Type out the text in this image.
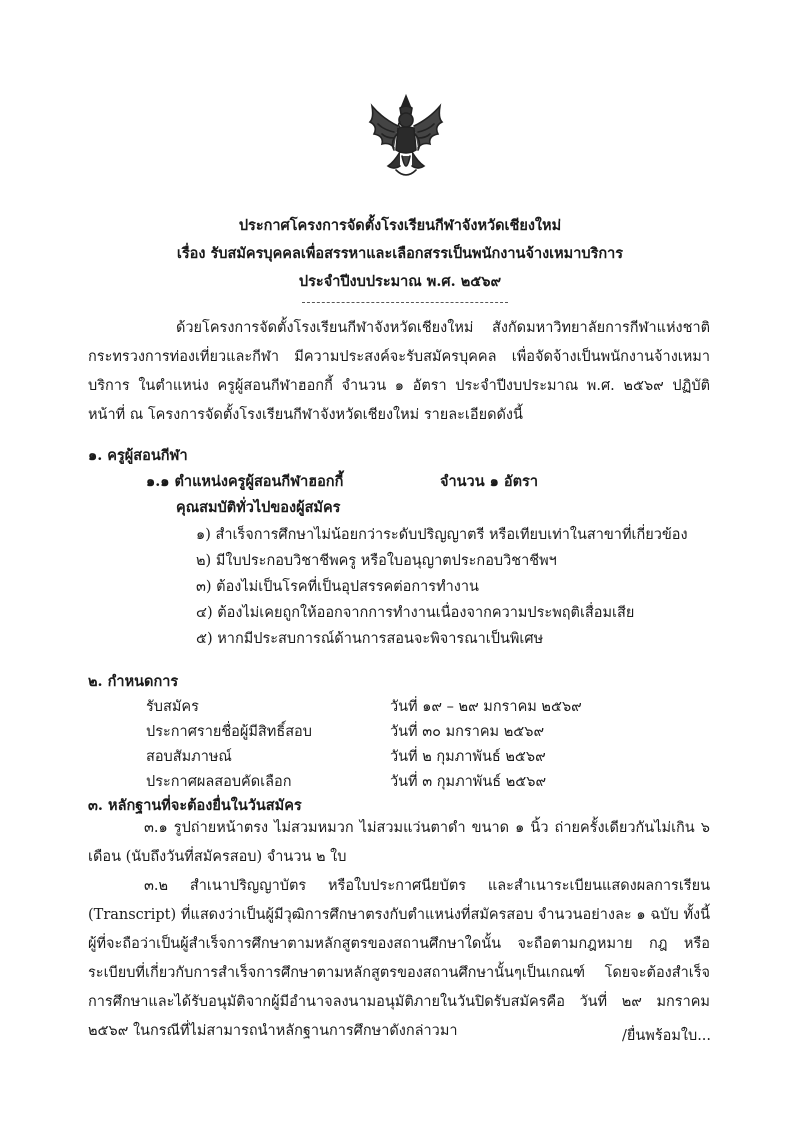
ประกาศโครงการจัดตั้งโรงเรียนกีฬาจังหวัดเชียงใหม่
เรื่อง รับสมัครบุคคลเพื่อสรรหาและเลือกสรรเป็นพนักงานจ้างเหมาบริการ
ประจำปีงบประมาณ พ.ศ. ๒๕๖๙
ด้วยโครงการจัดตั้งโรงเรียนกีฬาจังหวัดเชียงใหม่ สังกัดมหาวิทยาลัยการกีฬาแห่งชาติ กระทรวงการท่องเที่ยวและกีฬา มีความประสงค์จะรับสมัครบุคคล เพื่อจัดจ้างเป็นพนักงานจ้างเหมาบริการ ในตำแหน่ง ครูผู้สอนกีฬาฮอกกี้ จำนวน ๑ อัตรา ประจำปีงบประมาณ พ.ศ. ๒๕๖๙ ปฏิบัติหน้าที่ ณ โครงการจัดตั้งโรงเรียนกีฬาจังหวัดเชียงใหม่ รายละเอียดดังนี้
๑. ครูผู้สอนกีฬา
๑.๑ ตำแหน่งครูผู้สอนกีฬาฮอกกี้	จำนวน ๑ อัตรา
คุณสมบัติทั่วไปของผู้สมัคร
๑) สำเร็จการศึกษาไม่น้อยกว่าระดับปริญญาตรี หรือเทียบเท่าในสาขาที่เกี่ยวข้อง
๒) มีใบประกอบวิชาชีพครู หรือใบอนุญาตประกอบวิชาชีพฯ
๓) ต้องไม่เป็นโรคที่เป็นอุปสรรคต่อการทำงาน
๔) ต้องไม่เคยถูกให้ออกจากการทำงานเนื่องจากความประพฤติเสื่อมเสีย
๕) หากมีประสบการณ์ด้านการสอนจะพิจารณาเป็นพิเศษ
๒. กำหนดการ
รับสมัคร	วันที่ ๑๙ – ๒๙ มกราคม ๒๕๖๙
ประกาศรายชื่อผู้มีสิทธิ์สอบ	วันที่ ๓๐ มกราคม ๒๕๖๙
สอบสัมภาษณ์	วันที่ ๒ กุมภาพันธ์ ๒๕๖๙
ประกาศผลสอบคัดเลือก	วันที่ ๓ กุมภาพันธ์ ๒๕๖๙
๓. หลักฐานที่จะต้องยื่นในวันสมัคร
๓.๑ รูปถ่ายหน้าตรง ไม่สวมหมวก ไม่สวมแว่นตาดำ ขนาด ๑ นิ้ว ถ่ายครั้งเดียวกันไม่เกิน ๖ เดือน (นับถึงวันที่สมัครสอบ) จำนวน ๒ ใบ
๓.๒ สำเนาปริญญาบัตร หรือใบประกาศนียบัตร และสำเนาระเบียนแสดงผลการเรียน (Transcript) ที่แสดงว่าเป็นผู้มีวุฒิการศึกษาตรงกับตำแหน่งที่สมัครสอบ จำนวนอย่างละ ๑ ฉบับ ทั้งนี้ ผู้ที่จะถือว่าเป็นผู้สำเร็จการศึกษาตามหลักสูตรของสถานศึกษาใดนั้น จะถือตามกฎหมาย กฎ หรือระเบียบที่เกี่ยวกับการสำเร็จการศึกษาตามหลักสูตรของสถานศึกษานั้นๆเป็นเกณฑ์ โดยจะต้องสำเร็จการศึกษาและได้รับอนุมัติจากผู้มีอำนาจลงนามอนุมัติภายในวันปิดรับสมัครคือ วันที่ ๒๙ มกราคม ๒๕๖๙ ในกรณีที่ไม่สามารถนำหลักฐานการศึกษาดังกล่าวมา	/ยื่นพร้อมใบ...
